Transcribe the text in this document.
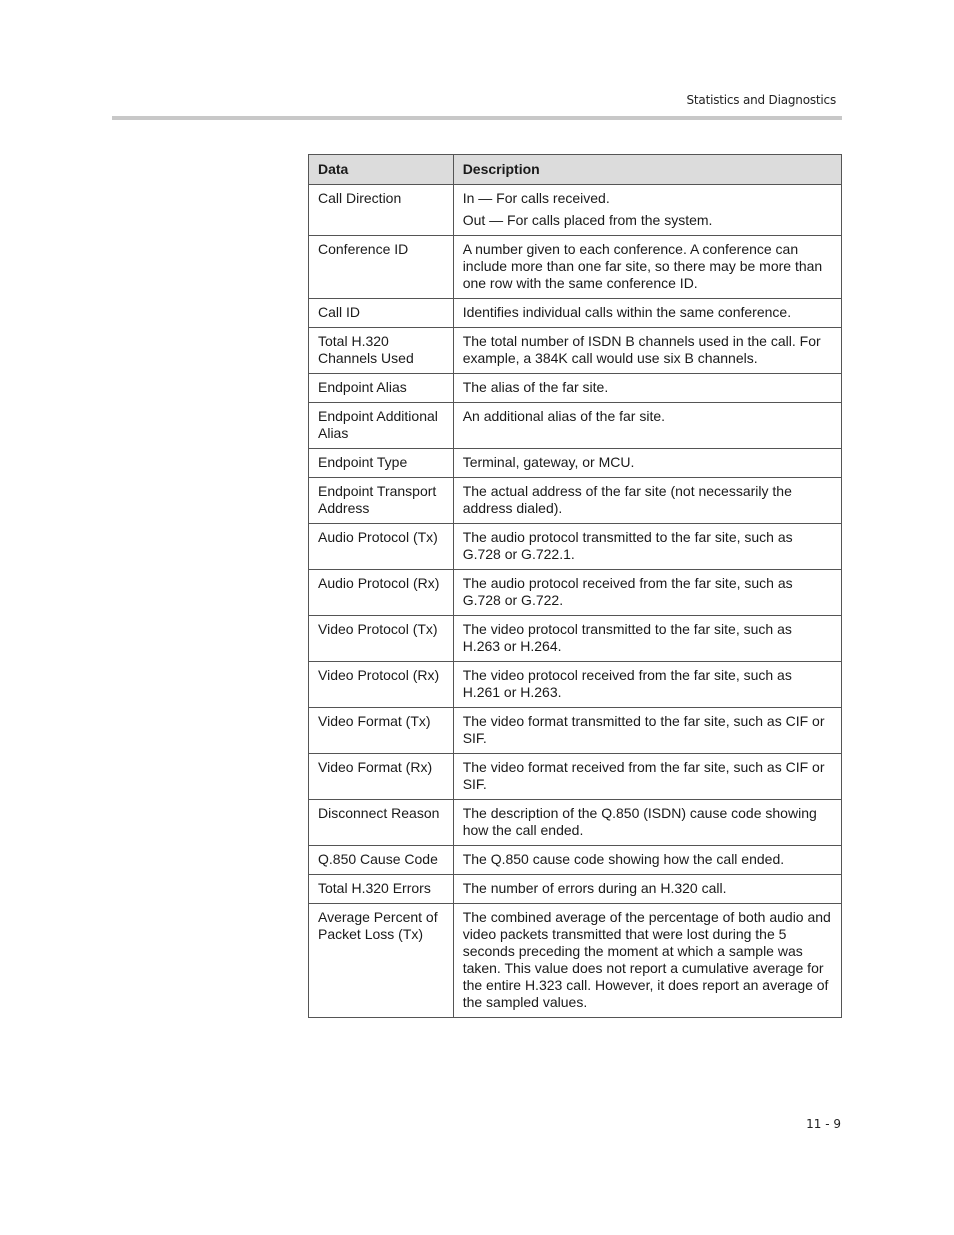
Statistics and Diagnostics
Data	Description
Call Direction	In — For calls received.
Out — For calls placed from the system.

Conference ID	A number given to each conference. A conference can include more than one far site, so there may be more than one row with the same conference ID.

Call ID	Identifies individual calls within the same conference.

Total H.320 Channels Used	The total number of ISDN B channels used in the call. For example, a 384K call would use six B channels.

Endpoint Alias	The alias of the far site.

Endpoint Additional Alias	An additional alias of the far site.

Endpoint Type	Terminal, gateway, or MCU.

Endpoint Transport Address	The actual address of the far site (not necessarily the address dialed).

Audio Protocol (Tx)	The audio protocol transmitted to the far site, such as G.728 or G.722.1.

Audio Protocol (Rx)	The audio protocol received from the far site, such as G.728 or G.722.

Video Protocol (Tx)	The video protocol transmitted to the far site, such as H.263 or H.264.

Video Protocol (Rx)	The video protocol received from the far site, such as H.261 or H.263.

Video Format (Tx)	The video format transmitted to the far site, such as CIF or SIF.

Video Format (Rx)	The video format received from the far site, such as CIF or SIF.

Disconnect Reason	The description of the Q.850 (ISDN) cause code showing how the call ended.

Q.850 Cause Code	The Q.850 cause code showing how the call ended.

Total H.320 Errors	The number of errors during an H.320 call.

Average Percent of Packet Loss (Tx)	The combined average of the percentage of both audio and video packets transmitted that were lost during the 5 seconds preceding the moment at which a sample was taken. This value does not report a cumulative average for the entire H.323 call. However, it does report an average of the sampled values.
11 - 9
